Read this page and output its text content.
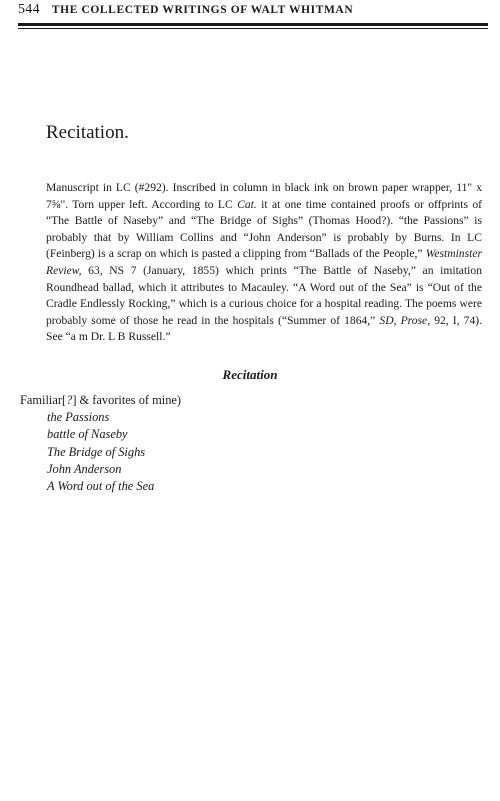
544 THE COLLECTED WRITINGS OF WALT WHITMAN
Recitation.

Manuscript in LC (#292). Inscribed in column in black ink on brown paper wrapper, 11" x 7⅝". Torn upper left. According to LC Cat. it at one time contained proofs or offprints of “The Battle of Naseby” and “The Bridge of Sighs” (Thomas Hood?). “the Passions” is probably that by William Collins and “John Anderson” is probably by Burns. In LC (Feinberg) is a scrap on which is pasted a clipping from “Ballads of the People,” Westminster Review, 63, NS 7 (January, 1855) which prints “The Battle of Naseby,” an imitation Roundhead ballad, which it attributes to Macauley. “A Word out of the Sea” is “Out of the Cradle Endlessly Rocking,” which is a curious choice for a hospital reading. The poems were probably some of those he read in the hospitals (“Summer of 1864,” SD, Prose, 92, I, 74). See “a m Dr. L B Russell.”

Recitation
Familiar[?] & favorites of mine)
the Passions
battle of Naseby
The Bridge of Sighs
John Anderson
A Word out of the Sea
